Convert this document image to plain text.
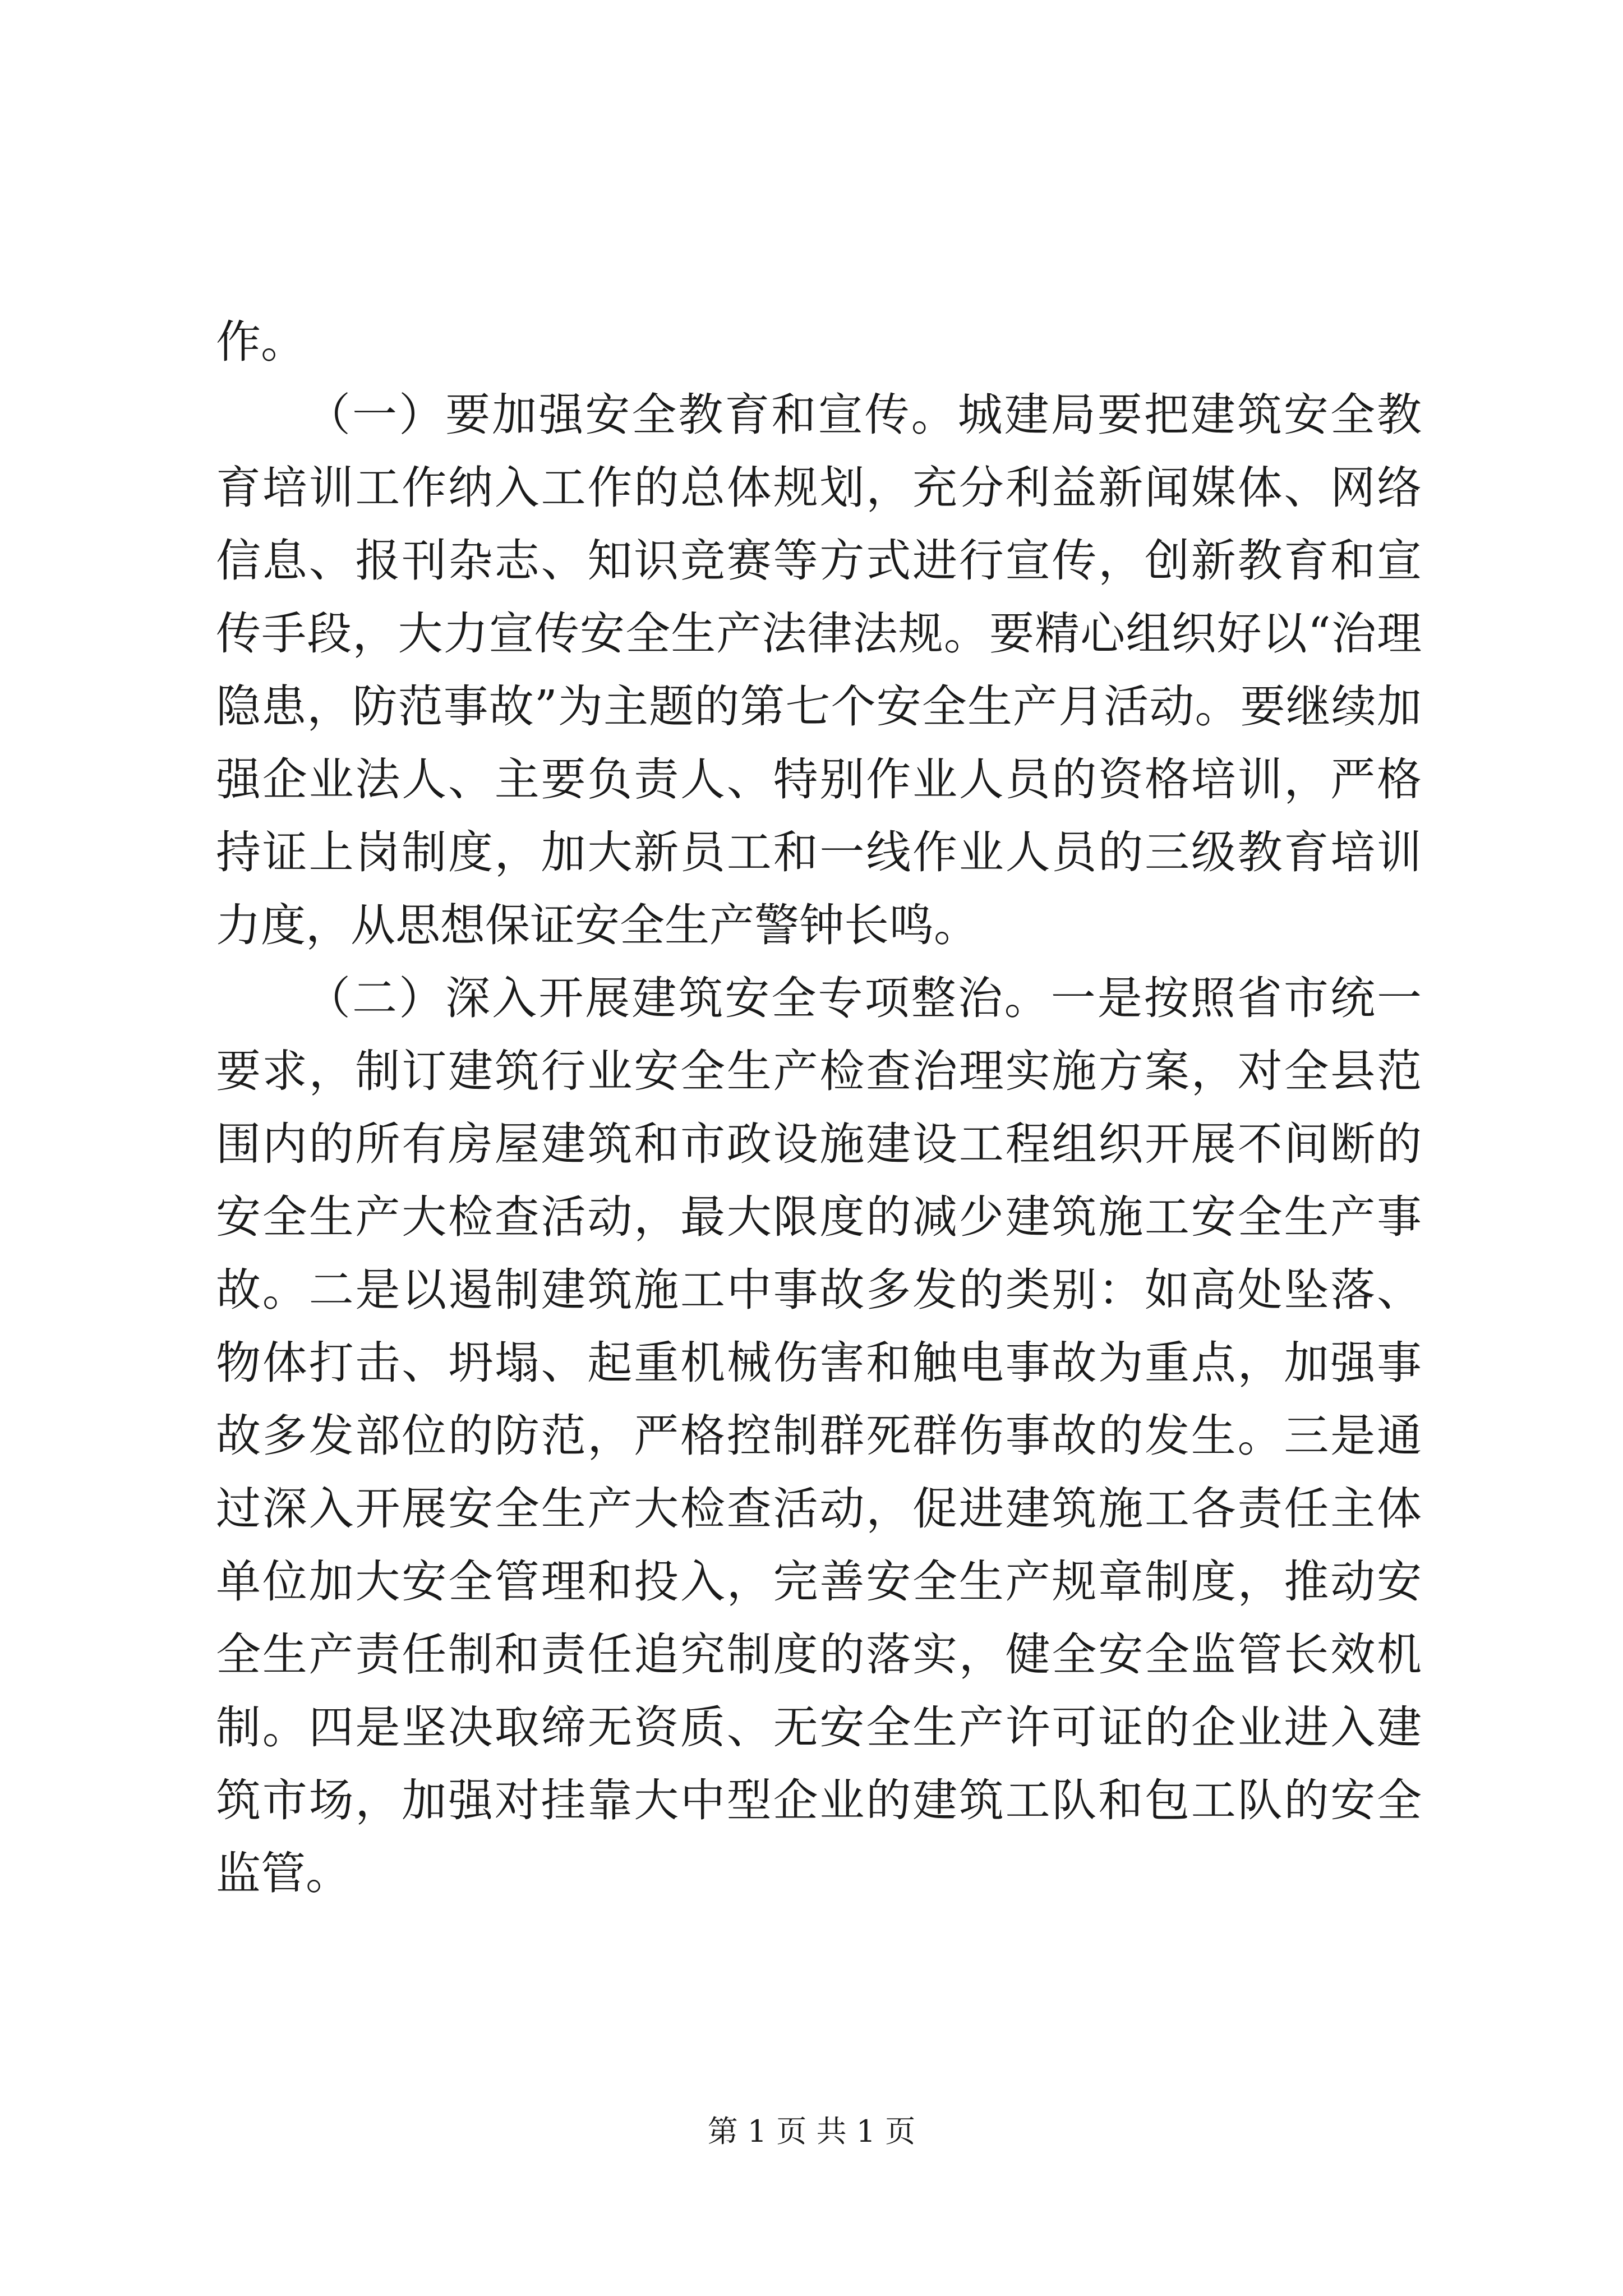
作。

（一）要加强安全教育和宣传。城建局要把建筑安全教育培训工作纳入工作的总体规划，充分利益新闻媒体、网络信息、报刊杂志、知识竞赛等方式进行宣传，创新教育和宣传手段，大力宣传安全生产法律法规。要精心组织好以“治理隐患，防范事故”为主题的第七个安全生产月活动。要继续加强企业法人、主要负责人、特别作业人员的资格培训，严格持证上岗制度，加大新员工和一线作业人员的三级教育培训力度，从思想保证安全生产警钟长鸣。

（二）深入开展建筑安全专项整治。一是按照省市统一要求，制订建筑行业安全生产检查治理实施方案，对全县范围内的所有房屋建筑和市政设施建设工程组织开展不间断的安全生产大检查活动，最大限度的减少建筑施工安全生产事故。二是以遏制建筑施工中事故多发的类别：如高处坠落、物体打击、坍塌、起重机械伤害和触电事故为重点，加强事故多发部位的防范，严格控制群死群伤事故的发生。三是通过深入开展安全生产大检查活动，促进建筑施工各责任主体单位加大安全管理和投入，完善安全生产规章制度，推动安全生产责任制和责任追究制度的落实，健全安全监管长效机制。四是坚决取缔无资质、无安全生产许可证的企业进入建筑市场，加强对挂靠大中型企业的建筑工队和包工队的安全监管。

第 1 页 共 1 页
